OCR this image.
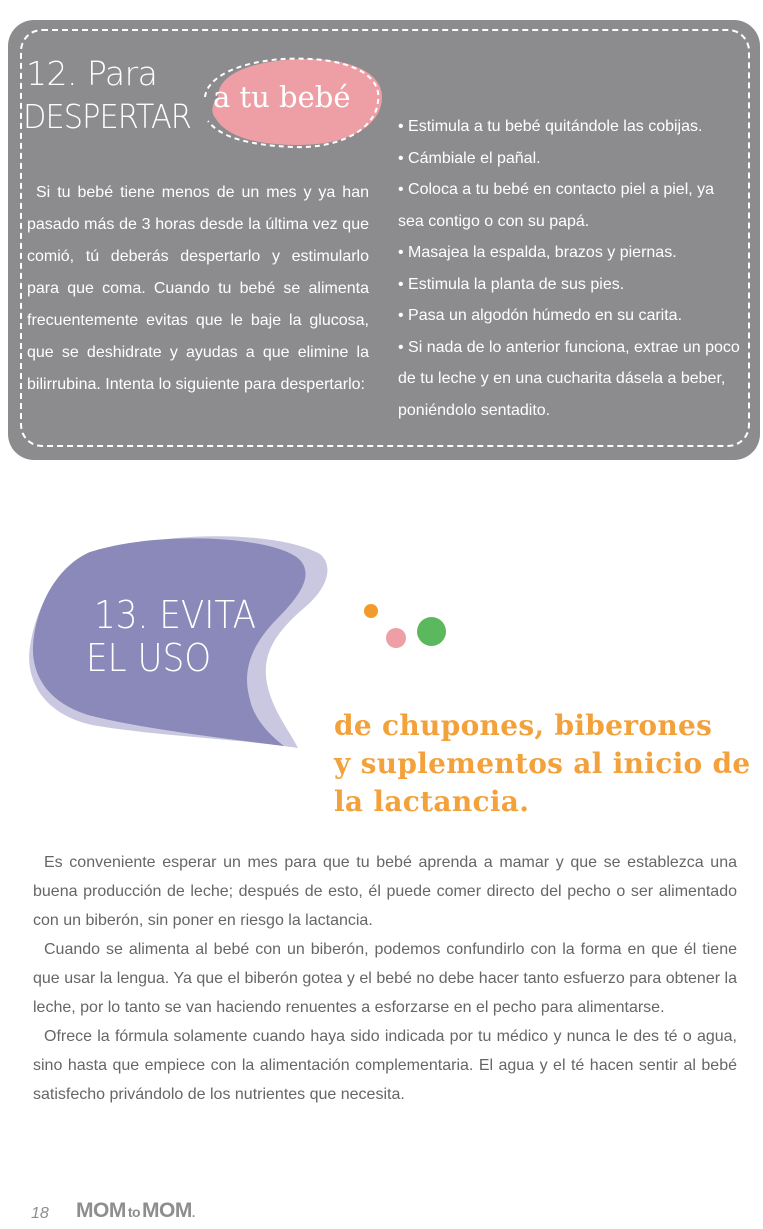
12. Para
DESPERTAR a tu bebé

Si tu bebé tiene menos de un mes y ya han pasado más de 3 horas desde la última vez que comió, tú deberás despertarlo y estimularlo para que coma. Cuando tu bebé se alimenta frecuentemente evitas que le baje la glucosa, que se deshidrate y ayudas a que elimine la bilirrubina. Intenta lo siguiente para despertarlo:

• Estimula a tu bebé quitándole las cobijas.
• Cámbiale el pañal.
• Coloca a tu bebé en contacto piel a piel, ya sea contigo o con su papá.
• Masajea la espalda, brazos y piernas.
• Estimula la planta de sus pies.
• Pasa un algodón húmedo en su carita.
• Si nada de lo anterior funciona, extrae un poco de tu leche y en una cucharita dásela a beber, poniéndolo sentadito.
13. EVITA
EL USO
de chupones, biberones
y suplementos al inicio de
la lactancia.

Es conveniente esperar un mes para que tu bebé aprenda a mamar y que se establezca una buena producción de leche; después de esto, él puede comer directo del pecho o ser alimentado con un biberón, sin poner en riesgo la lactancia.

Cuando se alimenta al bebé con un biberón, podemos confundirlo con la forma en que él tiene que usar la lengua. Ya que el biberón gotea y el bebé no debe hacer tanto esfuerzo para obtener la leche, por lo tanto se van haciendo renuentes a esforzarse en el pecho para alimentarse.

Ofrece la fórmula solamente cuando haya sido indicada por tu médico y nunca le des té o agua, sino hasta que empiece con la alimentación complementaria. El agua y el té hacen sentir al bebé satisfecho privándolo de los nutrientes que necesita.

18 MOM toMOM.
